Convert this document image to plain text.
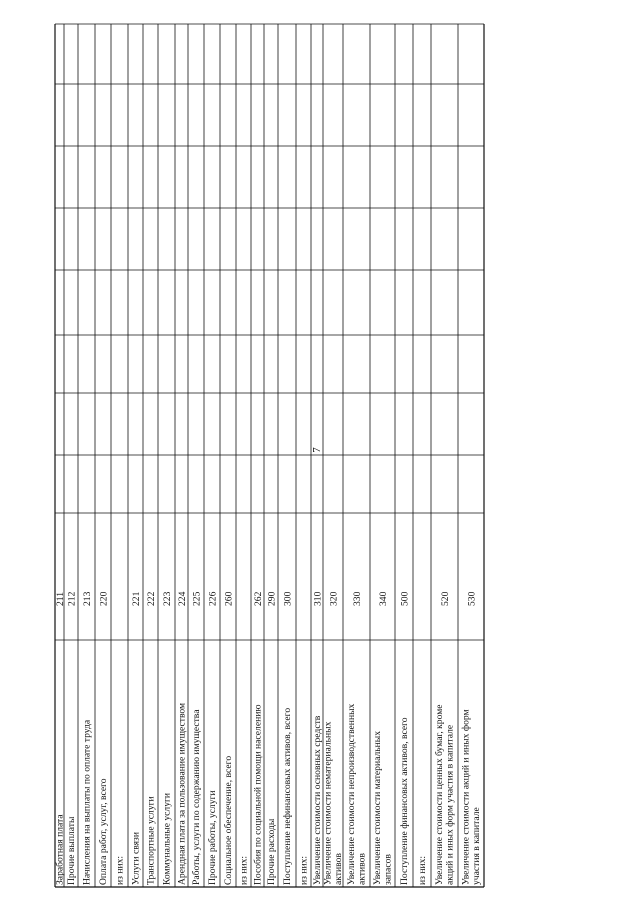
7
Заработная плата
211
Прочие выплаты
212
Начисления на выплаты по оплате труда
213
Оплата работ, услуг, всего
220
из них: Услуги связи
221
Транспортные услуги
222
Коммунальные услуги
223
Арендная плата за пользование имуществом
224
Работы, услуги по содержанию имущества
225
Прочие работы, услуги
226
Социальное обеспечение, всего
260
из них: Пособия по социальной помощи населению
262
Прочие расходы
290
Поступление нефинансовых активов, всего
300
из них: Увеличение стоимости основных средств
310
Увеличение стоимости нематериальных активов
320
Увеличение стоимости непроизводственных активов
330
Увеличение стоимости материальных запасов
340
Поступление финансовых активов, всего
500
из них: Увеличение стоимости ценных бумаг, кроме акций и иных форм участия в капитале
520
Увеличение стоимости акций и иных форм участия в капитале
530
